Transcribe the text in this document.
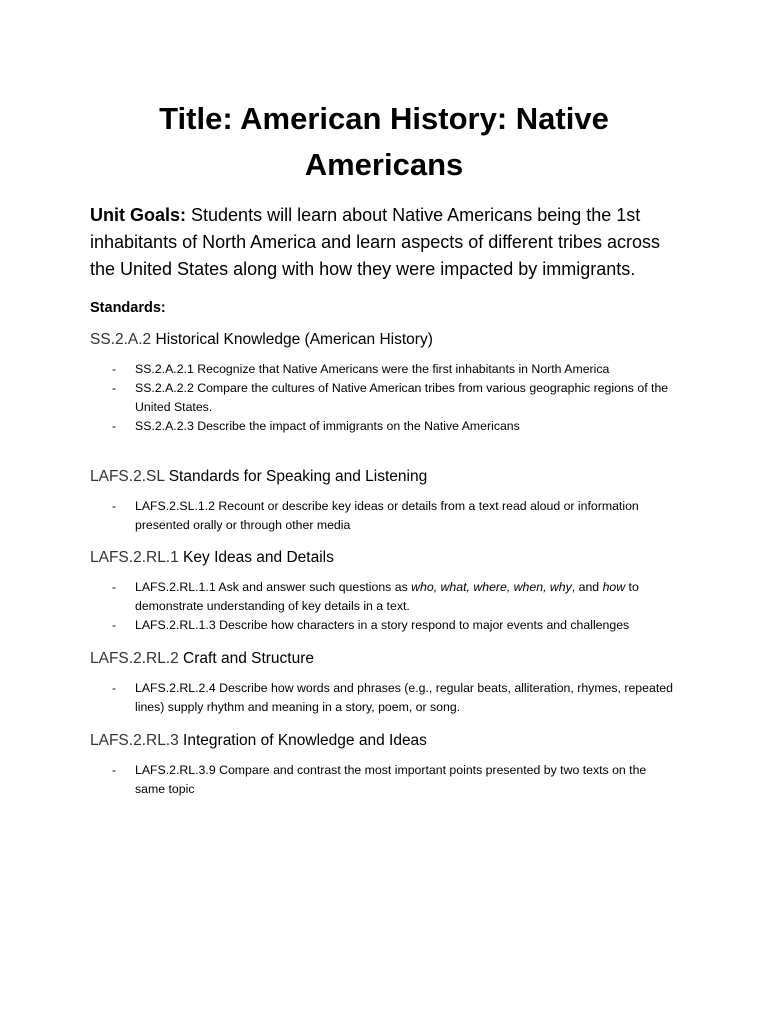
Title: American History: Native
Americans

Unit Goals: Students will learn about Native Americans being the 1st inhabitants of North America and learn aspects of different tribes across the United States along with how they were impacted by immigrants.

Standards:
SS.2.A.2 Historical Knowledge (American History)
- SS.2.A.2.1 Recognize that Native Americans were the first inhabitants in North America
- SS.2.A.2.2 Compare the cultures of Native American tribes from various geographic regions of the United States.
- SS.2.A.2.3 Describe the impact of immigrants on the Native Americans
LAFS.2.SL Standards for Speaking and Listening
- LAFS.2.SL.1.2 Recount or describe key ideas or details from a text read aloud or information presented orally or through other media
LAFS.2.RL.1 Key Ideas and Details
- LAFS.2.RL.1.1 Ask and answer such questions as who, what, where, when, why, and how to demonstrate understanding of key details in a text.
- LAFS.2.RL.1.3 Describe how characters in a story respond to major events and challenges
LAFS.2.RL.2 Craft and Structure
- LAFS.2.RL.2.4 Describe how words and phrases (e.g., regular beats, alliteration, rhymes, repeated lines) supply rhythm and meaning in a story, poem, or song.
LAFS.2.RL.3 Integration of Knowledge and Ideas
- LAFS.2.RL.3.9 Compare and contrast the most important points presented by two texts on the same topic
